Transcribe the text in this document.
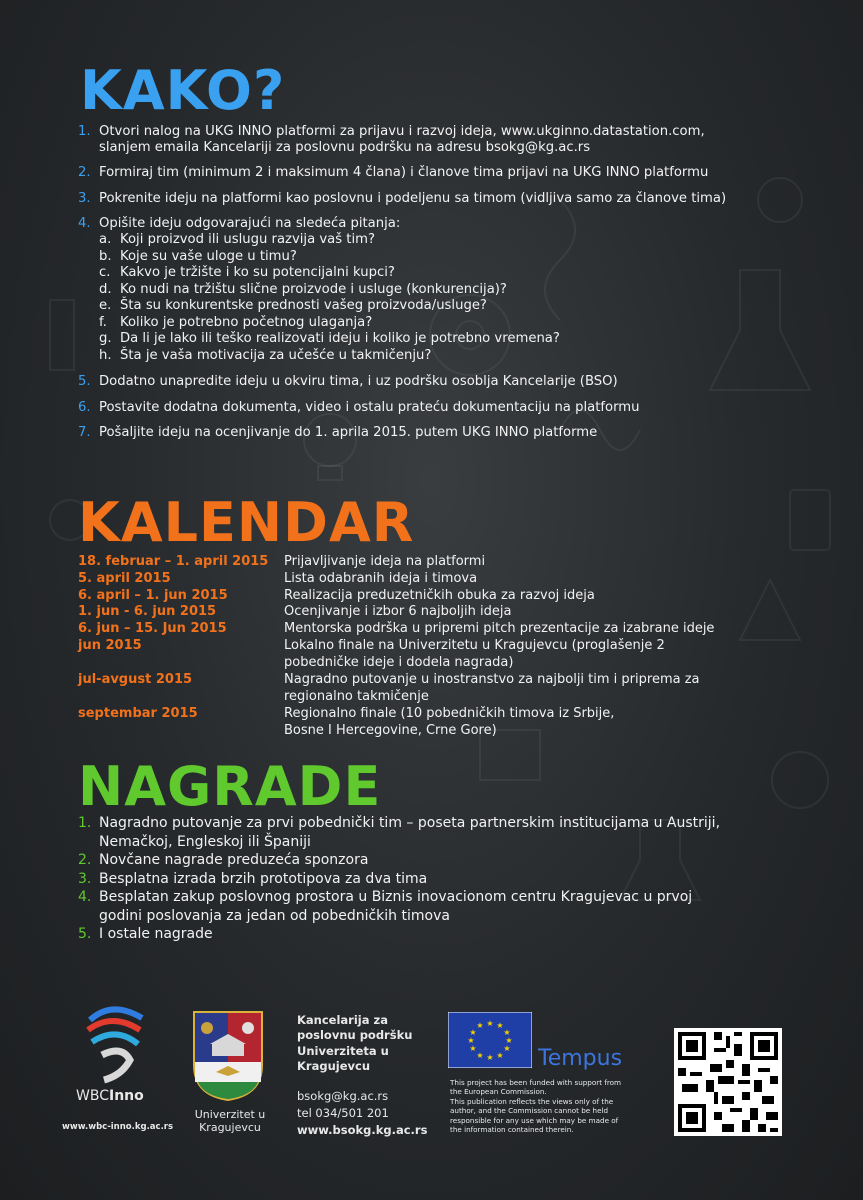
KAKO?
1. Otvori nalog na UKG INNO platformi za prijavu i razvoj ideja, www.ukginno.datastation.com,
slanjem emaila Kancelariji za poslovnu podršku na adresu bsokg@kg.ac.rs
2. Formiraj tim (minimum 2 i maksimum 4 člana) i članove tima prijavi na UKG INNO platformu
3. Pokrenite ideju na platformi kao poslovnu i podeljenu sa timom (vidljiva samo za članove tima)
4. Opišite ideju odgovarajući na sledeća pitanja:
a. Koji proizvod ili uslugu razvija vaš tim?
b. Koje su vaše uloge u timu?
c. Kakvo je tržište i ko su potencijalni kupci?
d. Ko nudi na tržištu slične proizvode i usluge (konkurencija)?
e. Šta su konkurentske prednosti vašeg proizvoda/usluge?
f. Koliko je potrebno početnog ulaganja?
g. Da li je lako ili teško realizovati ideju i koliko je potrebno vremena?
h. Šta je vaša motivacija za učešće u takmičenju?
5. Dodatno unapredite ideju u okviru tima, i uz podršku osoblja Kancelarije (BSO)
6. Postavite dodatna dokumenta, video i ostalu prateću dokumentaciju na platformu
7. Pošaljite ideju na ocenjivanje do 1. aprila 2015. putem UKG INNO platforme
KALENDAR
18. februar – 1. april 2015	Prijavljivanje ideja na platformi
5. april 2015	Lista odabranih ideja i timova
6. april – 1. jun 2015	Realizacija preduzetničkih obuka za razvoj ideja
1. jun - 6. jun 2015	Ocenjivanje i izbor 6 najboljih ideja
6. jun – 15. Jun 2015	Mentorska podrška u pripremi pitch prezentacije za izabrane ideje
jun 2015	Lokalno finale na Univerzitetu u Kragujevcu (proglašenje 2
pobedničke ideje i dodela nagrada)
jul-avgust 2015	Nagradno putovanje u inostranstvo za najbolji tim i priprema za
regionalno takmičenje
septembar 2015	Regionalno finale (10 pobedničkih timova iz Srbije,
Bosne I Hercegovine, Crne Gore)
NAGRADE
1. Nagradno putovanje za prvi pobednički tim – poseta partnerskim institucijama u Austriji,
Nemačkoj, Engleskoj ili Španiji
2. Novčane nagrade preduzeća sponzora
3. Besplatna izrada brzih prototipova za dva tima
4. Besplatan zakup poslovnog prostora u Biznis inovacionom centru Kragujevac u prvoj
godini poslovanja za jedan od pobedničkih timova
5. I ostale nagrade
WBCInno
www.wbc-inno.kg.ac.rs
Univerzitet u
Kragujevcu
Kancelarija za
poslovnu podršku
Univerziteta u
Kragujevcu
bsokg@kg.ac.rs
tel 034/501 201
www.bsokg.kg.ac.rs
★ ★
★
★
★
★
★
★
★
★
★
★
Tempus
This project has been funded with support from
the European Commission.
This publication reflects the views only of the
author, and the Commission cannot be held
responsible for any use which may be made of
the information contained therein.
